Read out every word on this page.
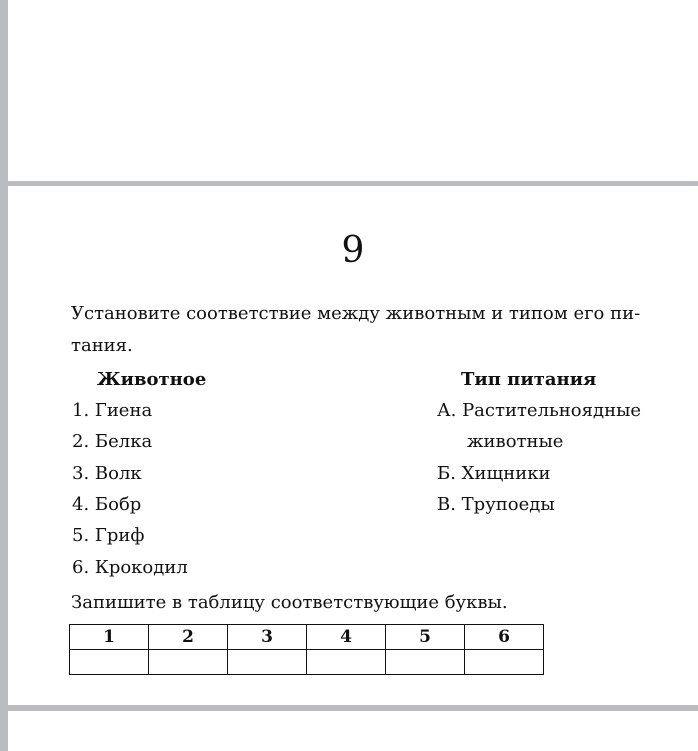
9
Установите соответствие между животным и типом его пи-
тания.
Животное
1. Гиена
2. Белка
3. Волк
4. Бобр
5. Гриф
6. Крокодил
Тип питания
А. Растительноядные
животные
Б. Хищники
В. Трупоеды
Запишите в таблицу соответствующие буквы.
1	2	3	4	5	6
